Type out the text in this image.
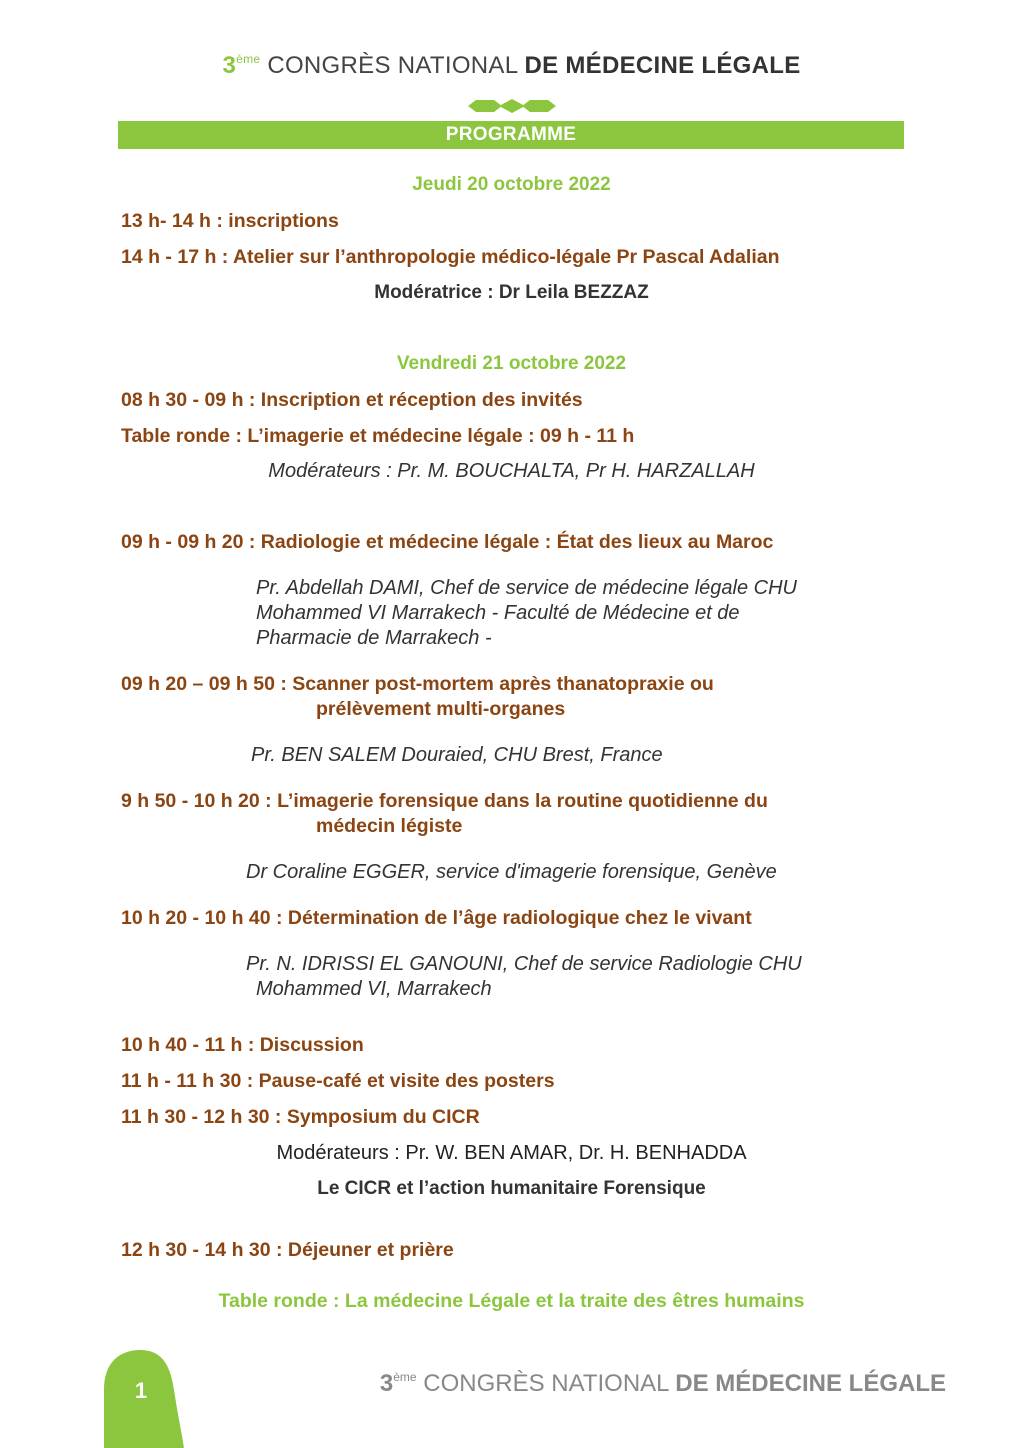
3ème CONGRÈS NATIONAL DE MÉDECINE LÉGALE
PROGRAMME
Jeudi 20 octobre 2022
13 h- 14 h : inscriptions
14 h - 17 h : Atelier sur l’anthropologie médico-légale Pr Pascal Adalian
Modératrice : Dr Leila BEZZAZ
Vendredi 21 octobre 2022
08 h 30 - 09 h : Inscription et réception des invités
Table ronde : L’imagerie et médecine légale : 09 h - 11 h
Modérateurs : Pr. M. BOUCHALTA, Pr H. HARZALLAH
09 h - 09 h 20 : Radiologie et médecine légale : État des lieux au Maroc
Pr. Abdellah DAMI, Chef de service de médecine légale CHU
Mohammed VI Marrakech - Faculté de Médecine et de
Pharmacie de Marrakech -
09 h 20 – 09 h 50 : Scanner post-mortem après thanatopraxie ou
prélèvement multi-organes
Pr. BEN SALEM Douraied, CHU Brest, France
9 h 50 - 10 h 20 : L’imagerie forensique dans la routine quotidienne du
médecin légiste
Dr Coraline EGGER, service d'imagerie forensique, Genève
10 h 20 - 10 h 40 : Détermination de l’âge radiologique chez le vivant
Pr. N. IDRISSI EL GANOUNI, Chef de service Radiologie CHU
Mohammed VI, Marrakech
10 h 40 - 11 h : Discussion
11 h - 11 h 30 : Pause-café et visite des posters
11 h 30 - 12 h 30 : Symposium du CICR
Modérateurs : Pr. W. BEN AMAR, Dr. H. BENHADDA
Le CICR et l’action humanitaire Forensique
12 h 30 - 14 h 30 : Déjeuner et prière
Table ronde : La médecine Légale et la traite des êtres humains
1	3ème CONGRÈS NATIONAL DE MÉDECINE LÉGALE
